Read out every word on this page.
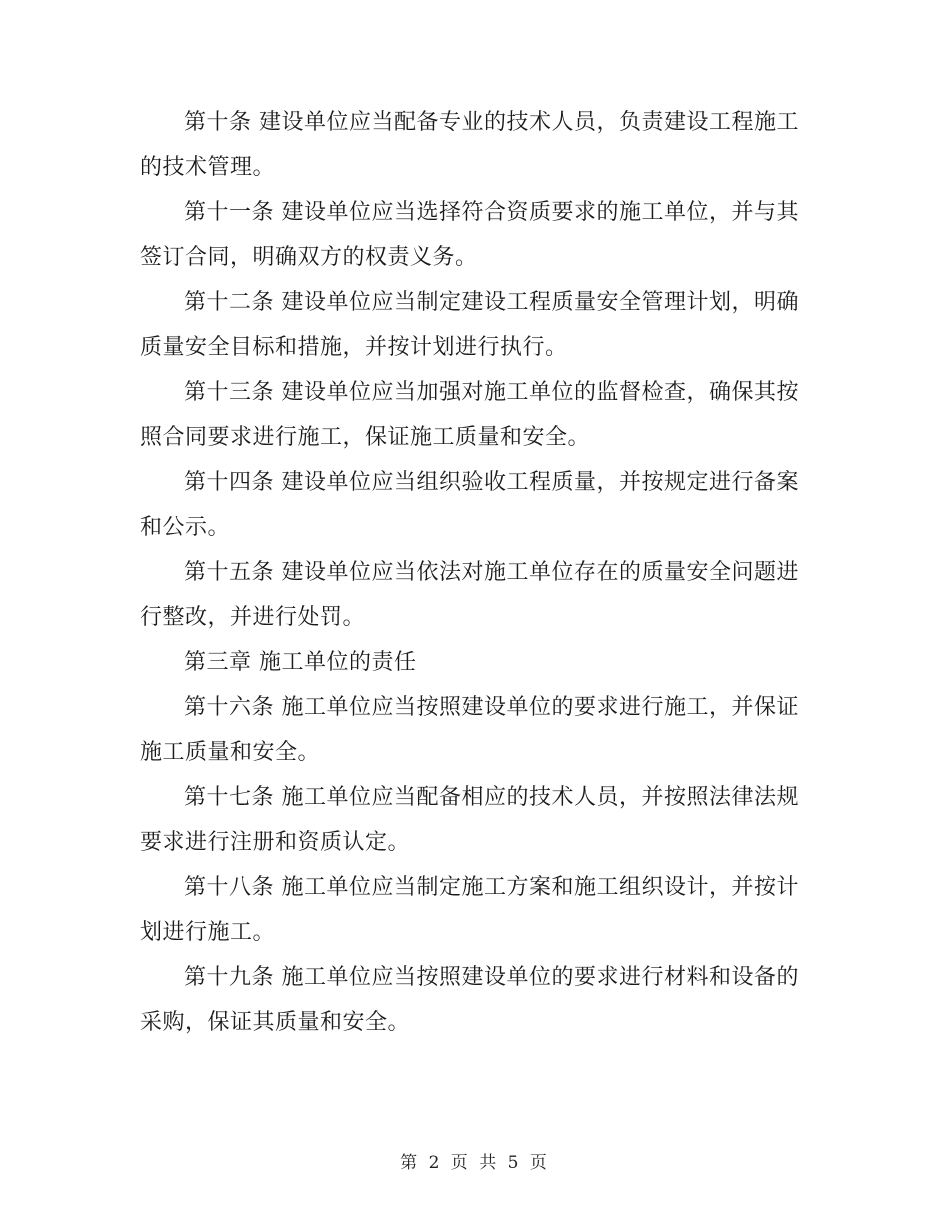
第十条 建设单位应当配备专业的技术人员，负责建设工程施工的技术管理。

第十一条 建设单位应当选择符合资质要求的施工单位，并与其签订合同，明确双方的权责义务。

第十二条 建设单位应当制定建设工程质量安全管理计划，明确质量安全目标和措施，并按计划进行执行。

第十三条 建设单位应当加强对施工单位的监督检查，确保其按照合同要求进行施工，保证施工质量和安全。

第十四条 建设单位应当组织验收工程质量，并按规定进行备案和公示。

第十五条 建设单位应当依法对施工单位存在的质量安全问题进行整改，并进行处罚。

第三章 施工单位的责任

第十六条 施工单位应当按照建设单位的要求进行施工，并保证施工质量和安全。

第十七条 施工单位应当配备相应的技术人员，并按照法律法规要求进行注册和资质认定。

第十八条 施工单位应当制定施工方案和施工组织设计，并按计划进行施工。

第十九条 施工单位应当按照建设单位的要求进行材料和设备的采购，保证其质量和安全。

第 2 页 共 5 页
